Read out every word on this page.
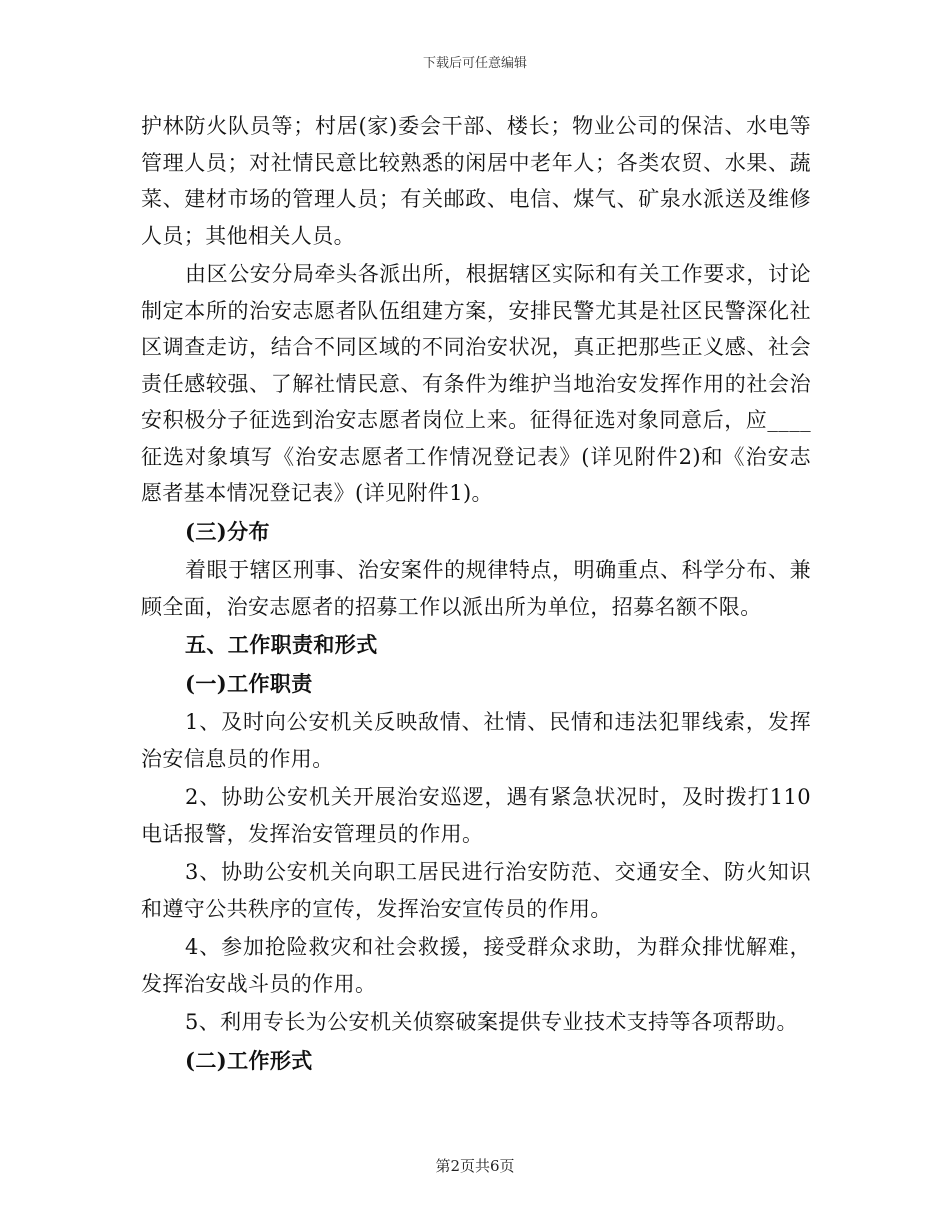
下载后可任意编辑

护林防火队员等；村居(家)委会干部、楼长；物业公司的保洁、水电等管理人员；对社情民意比较熟悉的闲居中老年人；各类农贸、水果、蔬菜、建材市场的管理人员；有关邮政、电信、煤气、矿泉水派送及维修人员；其他相关人员。

由区公安分局牵头各派出所，根据辖区实际和有关工作要求，讨论制定本所的治安志愿者队伍组建方案，安排民警尤其是社区民警深化社区调查走访，结合不同区域的不同治安状况，真正把那些正义感、社会责任感较强、了解社情民意、有条件为维护当地治安发挥作用的社会治安积极分子征选到治安志愿者岗位上来。征得征选对象同意后，应____征选对象填写《治安志愿者工作情况登记表》(详见附件2)和《治安志愿者基本情况登记表》(详见附件1)。

(三)分布

着眼于辖区刑事、治安案件的规律特点，明确重点、科学分布、兼顾全面，治安志愿者的招募工作以派出所为单位，招募名额不限。

五、工作职责和形式

(一)工作职责

1、及时向公安机关反映敌情、社情、民情和违法犯罪线索，发挥治安信息员的作用。

2、协助公安机关开展治安巡逻，遇有紧急状况时，及时拨打110电话报警，发挥治安管理员的作用。

3、协助公安机关向职工居民进行治安防范、交通安全、防火知识和遵守公共秩序的宣传，发挥治安宣传员的作用。

4、参加抢险救灾和社会救援，接受群众求助，为群众排忧解难，发挥治安战斗员的作用。

5、利用专长为公安机关侦察破案提供专业技术支持等各项帮助。

(二)工作形式

第2页共6页
